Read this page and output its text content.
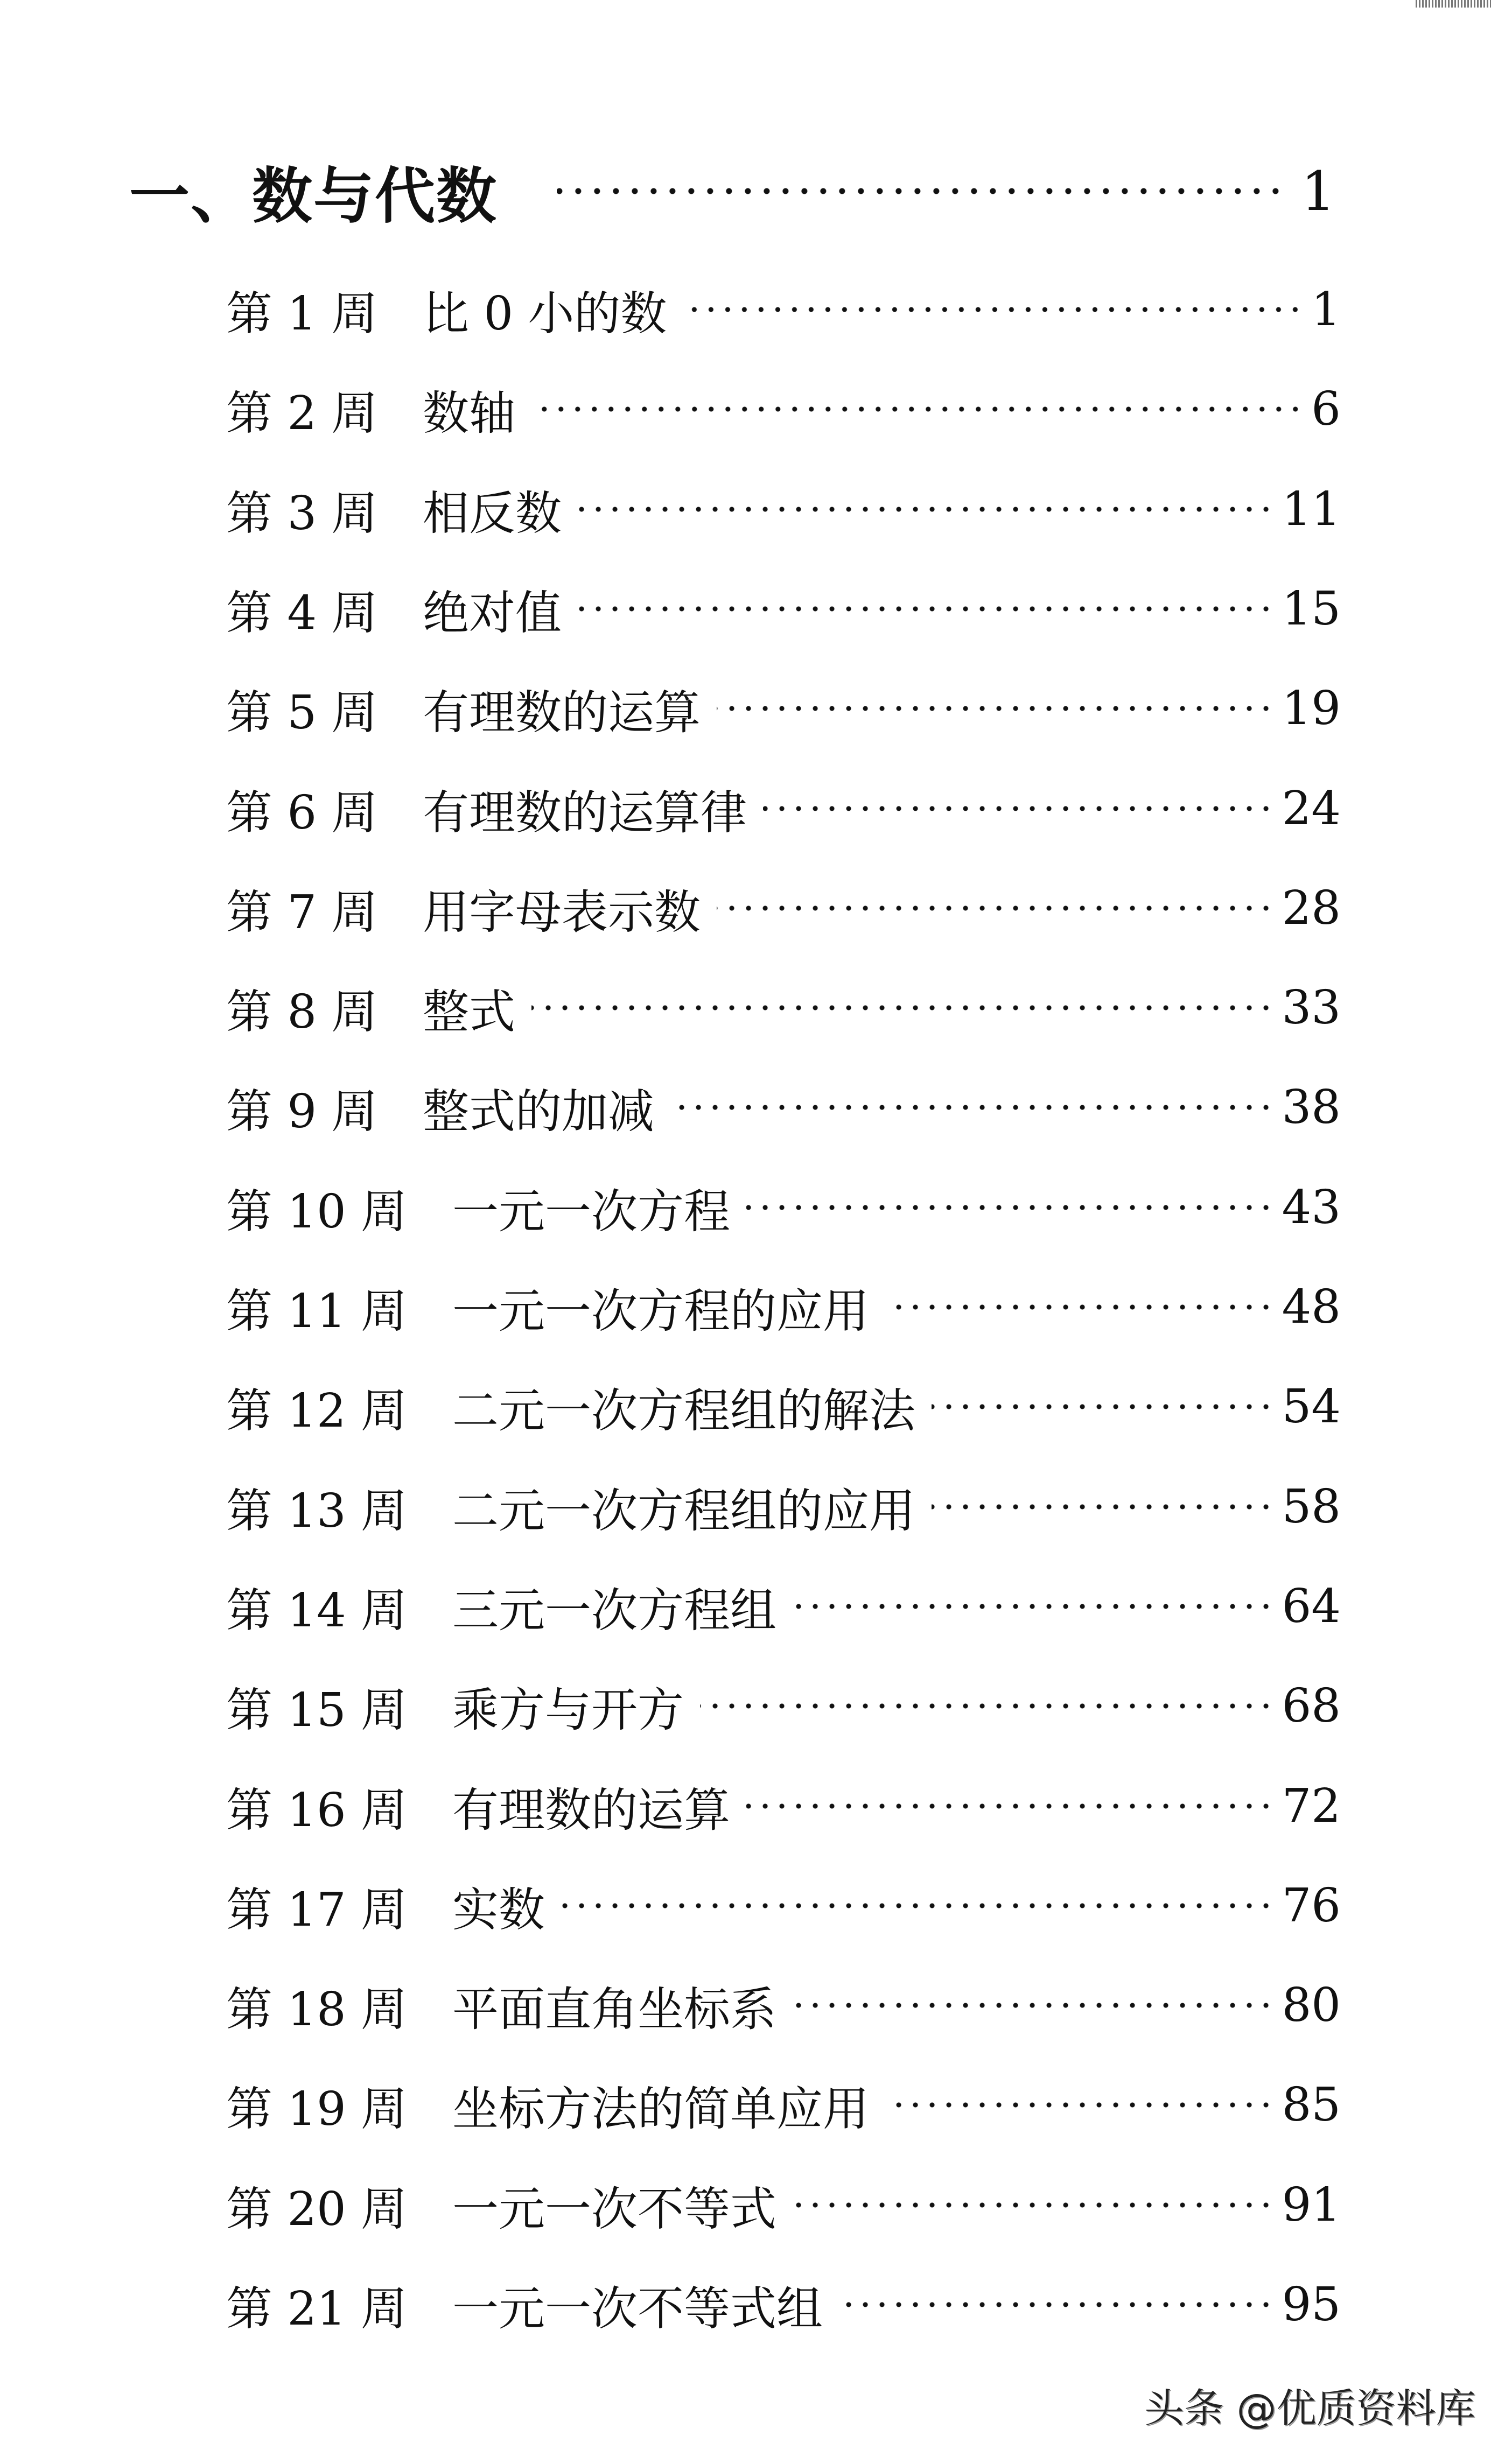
一、数与代数	1
第 1 周 比 0 小的数	1
第 2 周 数轴	6
第 3 周 相反数	11
第 4 周 绝对值	15
第 5 周 有理数的运算	19
第 6 周 有理数的运算律	24
第 7 周 用字母表示数	28
第 8 周 整式	33
第 9 周 整式的加减	38
第 10 周 一元一次方程	43
第 11 周 一元一次方程的应用	48
第 12 周 二元一次方程组的解法	54
第 13 周 二元一次方程组的应用	58
第 14 周 三元一次方程组	64
第 15 周 乘方与开方	68
第 16 周 有理数的运算	72
第 17 周 实数	76
第 18 周 平面直角坐标系	80
第 19 周 坐标方法的简单应用	85
第 20 周 一元一次不等式	91
第 21 周 一元一次不等式组	95
头条 @优质资料库
